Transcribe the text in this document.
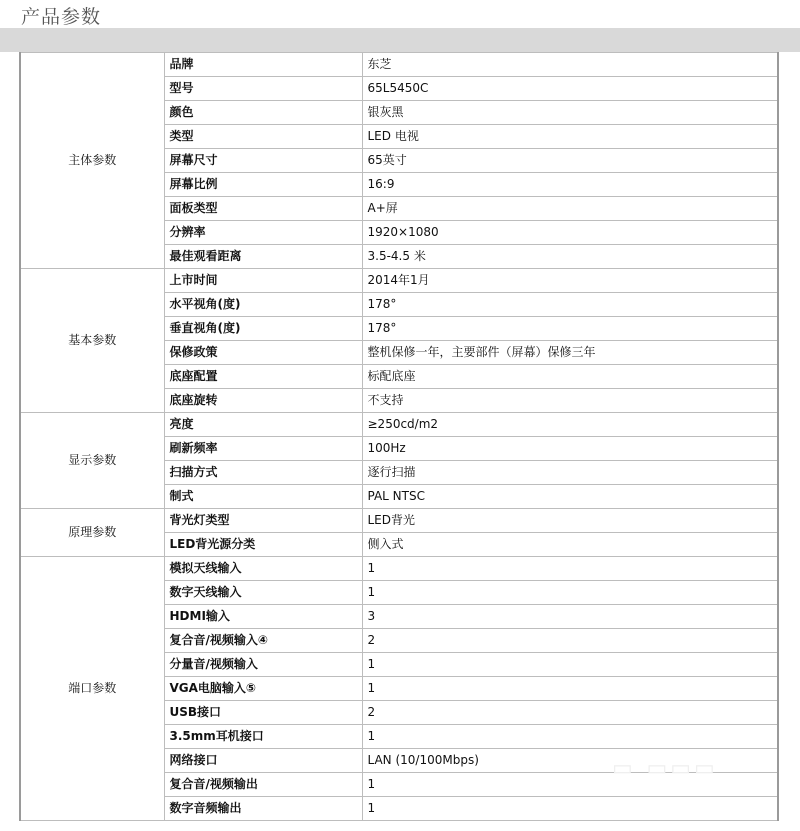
产品参数
主体参数	品牌	东芝
	型号	65L5450C
	颜色	银灰黑
	类型	LED 电视
	屏幕尺寸	65英寸
	屏幕比例	16:9
	面板类型	A+屏
	分辨率	1920×1080
	最佳观看距离	3.5-4.5 米
基本参数	上市时间	2014年1月
	水平视角(度)	178°
	垂直视角(度)	178°
	保修政策	整机保修一年，主要部件（屏幕）保修三年
	底座配置	标配底座
	底座旋转	不支持
显示参数	亮度	≥250cd/m2
	刷新频率	100Hz
	扫描方式	逐行扫描
	制式	PAL NTSC
原理参数	背光灯类型	LED背光
	LED背光源分类	侧入式
端口参数	模拟天线输入	1
	数字天线输入	1
	HDMI输入	3
	复合音/视频输入④	2
	分量音/视频输入	1
	VGA电脑输入⑤	1
	USB接口	2
	3.5mm耳机接口	1
	网络接口	LAN (10/100Mbps)
	复合音/视频输出	1
	数字音频输出	1
▭ ▭▭▭
